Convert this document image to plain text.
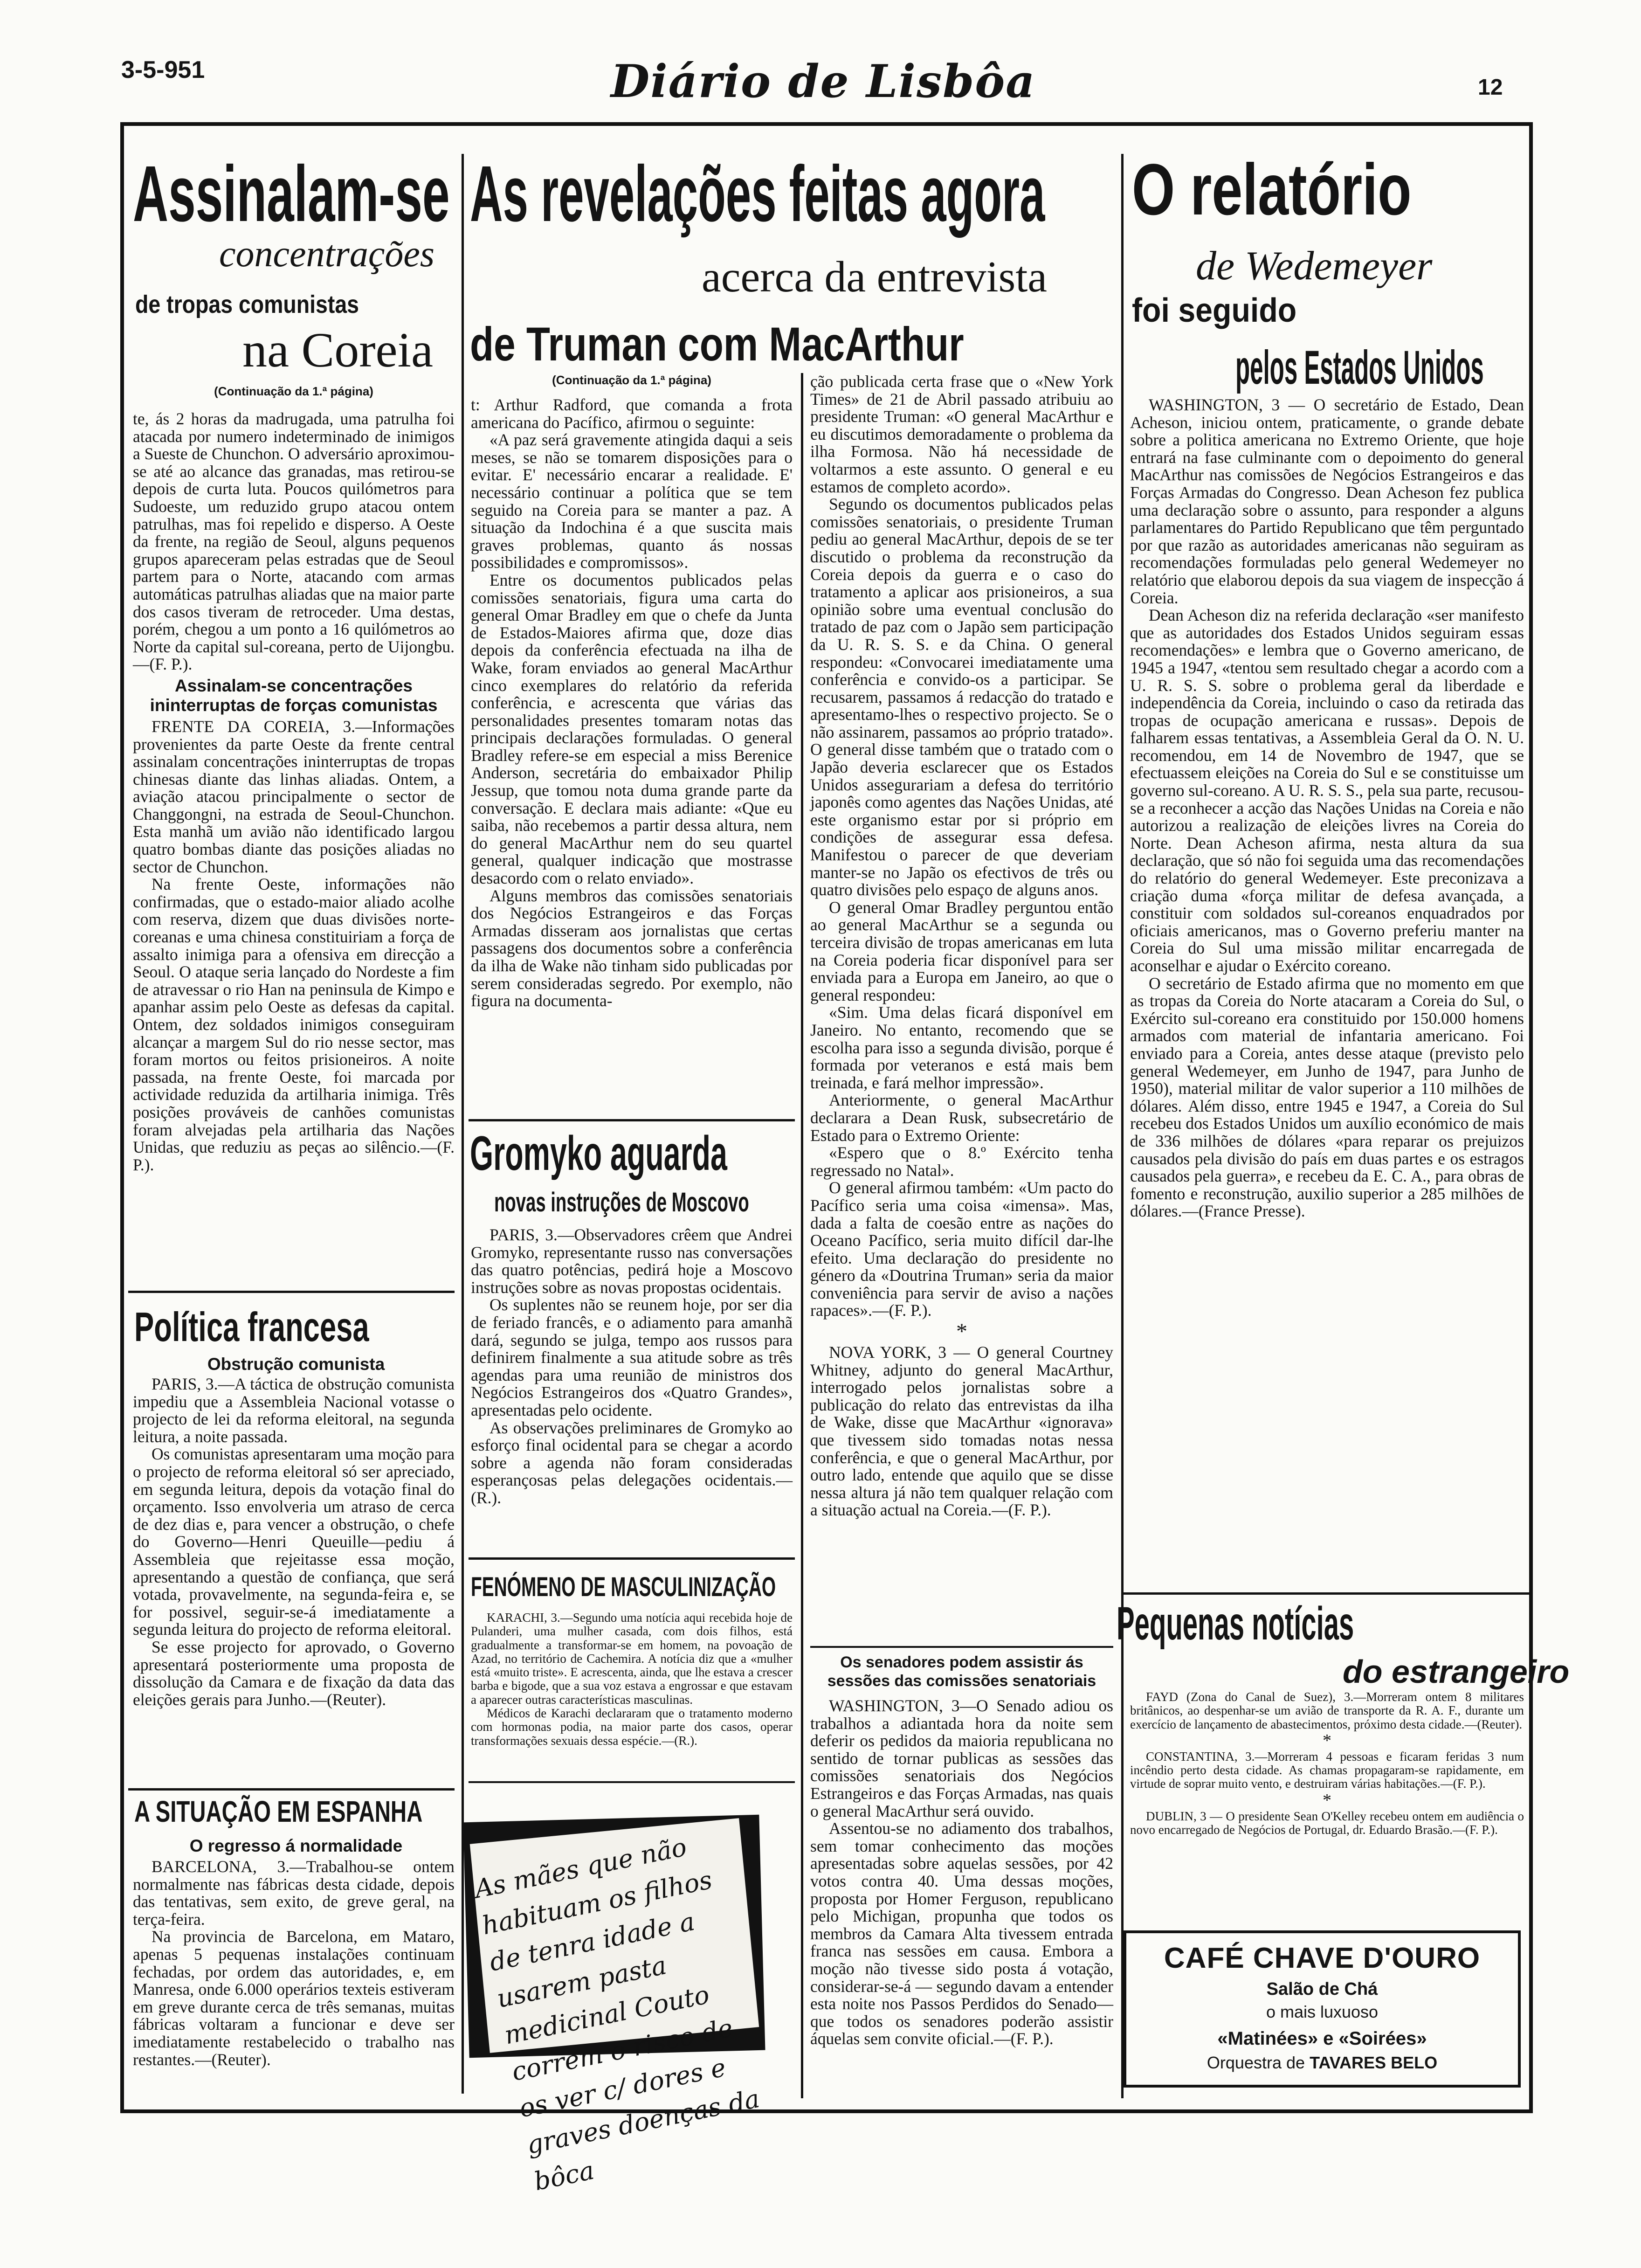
3-5-951	Diário de Lisbôa	12
Assinalam-se
concentrações
de tropas comunistas
na Coreia
(Continuação da 1.ª página)

te, ás 2 horas da madrugada, uma patrulha foi atacada por numero indeterminado de inimigos a Sueste de Chunchon. O adversário aproximou-se até ao alcance das granadas, mas retirou-se depois de curta luta. Poucos quilómetros para Sudoeste, um reduzido grupo atacou ontem patrulhas, mas foi repelido e disperso. A Oeste da frente, na região de Seoul, alguns pequenos grupos apareceram pelas estradas que de Seoul partem para o Norte, atacando com armas automáticas patrulhas aliadas que na maior parte dos casos tiveram de retroceder. Uma destas, porém, chegou a um ponto a 16 quilómetros ao Norte da capital sul-coreana, perto de Uijongbu.—(F. P.).

Assinalam-se concentrações ininterruptas de forças comunistas

FRENTE DA COREIA, 3.—Informações provenientes da parte Oeste da frente central assinalam concentrações ininterruptas de tropas chinesas diante das linhas aliadas. Ontem, a aviação atacou principalmente o sector de Changgongni, na estrada de Seoul-Chunchon. Esta manhã um avião não identificado largou quatro bombas diante das posições aliadas no sector de Chunchon.

Na frente Oeste, informações não confirmadas, que o estado-maior aliado acolhe com reserva, dizem que duas divisões norte-coreanas e uma chinesa constituiriam a força de assalto inimiga para a ofensiva em direcção a Seoul. O ataque seria lançado do Nordeste a fim de atravessar o rio Han na peninsula de Kimpo e apanhar assim pelo Oeste as defesas da capital. Ontem, dez soldados inimigos conseguiram alcançar a margem Sul do rio nesse sector, mas foram mortos ou feitos prisioneiros. A noite passada, na frente Oeste, foi marcada por actividade reduzida da artilharia inimiga. Três posições prováveis de canhões comunistas foram alvejadas pela artilharia das Nações Unidas, que reduziu as peças ao silêncio.—(F. P.).

Política francesa
Obstrução comunista

PARIS, 3.—A táctica de obstrução comunista impediu que a Assembleia Nacional votasse o projecto de lei da reforma eleitoral, na segunda leitura, a noite passada.

Os comunistas apresentaram uma moção para o projecto de reforma eleitoral só ser apreciado, em segunda leitura, depois da votação final do orçamento. Isso envolveria um atraso de cerca de dez dias e, para vencer a obstrução, o chefe do Governo—Henri Queuille—pediu á Assembleia que rejeitasse essa moção, apresentando a questão de confiança, que será votada, provavelmente, na segunda-feira e, se for possivel, seguir-se-á imediatamente a segunda leitura do projecto de reforma eleitoral.

Se esse projecto for aprovado, o Governo apresentará posteriormente uma proposta de dissolução da Camara e de fixação da data das eleições gerais para Junho.—(Reuter).

A SITUAÇÃO EM ESPANHA
O regresso á normalidade

BARCELONA, 3.—Trabalhou-se ontem normalmente nas fábricas desta cidade, depois das tentativas, sem exito, de greve geral, na terça-feira.

Na provincia de Barcelona, em Mataro, apenas 5 pequenas instalações continuam fechadas, por ordem das autoridades, e, em Manresa, onde 6.000 operários texteis estiveram em greve durante cerca de três semanas, muitas fábricas voltaram a funcionar e deve ser imediatamente restabelecido o trabalho nas restantes.—(Reuter).

As revelações feitas agora
acerca da entrevista
de Truman com MacArthur
(Continuação da 1.ª página)

t: Arthur Radford, que comanda a frota americana do Pacífico, afirmou o seguinte:

«A paz será gravemente atingida daqui a seis meses, se não se tomarem disposições para o evitar. E' necessário encarar a realidade. E' necessário continuar a política que se tem seguido na Coreia para se manter a paz. A situação da Indochina é a que suscita mais graves problemas, quanto ás nossas possibilidades e compromissos».

Entre os documentos publicados pelas comissões senatoriais, figura uma carta do general Omar Bradley em que o chefe da Junta de Estados-Maiores afirma que, doze dias depois da conferência efectuada na ilha de Wake, foram enviados ao general MacArthur cinco exemplares do relatório da referida conferência, e acrescenta que várias das personalidades presentes tomaram notas das principais declarações formuladas. O general Bradley refere-se em especial a miss Berenice Anderson, secretária do embaixador Philip Jessup, que tomou nota duma grande parte da conversação. E declara mais adiante: «Que eu saiba, não recebemos a partir dessa altura, nem do general MacArthur nem do seu quartel general, qualquer indicação que mostrasse desacordo com o relato enviado».

Alguns membros das comissões senatoriais dos Negócios Estrangeiros e das Forças Armadas disseram aos jornalistas que certas passagens dos documentos sobre a conferência da ilha de Wake não tinham sido publicadas por serem consideradas segredo. Por exemplo, não figura na documenta-

ção publicada certa frase que o «New York Times» de 21 de Abril passado atribuiu ao presidente Truman: «O general MacArthur e eu discutimos demoradamente o problema da ilha Formosa. Não há necessidade de voltarmos a este assunto. O general e eu estamos de completo acordo».

Segundo os documentos publicados pelas comissões senatoriais, o presidente Truman pediu ao general MacArthur, depois de se ter discutido o problema da reconstrução da Coreia depois da guerra e o caso do tratamento a aplicar aos prisioneiros, a sua opinião sobre uma eventual conclusão do tratado de paz com o Japão sem participação da U. R. S. S. e da China. O general respondeu: «Convocarei imediatamente uma conferência e convido-os a participar. Se recusarem, passamos á redacção do tratado e apresentamo-lhes o respectivo projecto. Se o não assinarem, passamos ao próprio tratado». O general disse também que o tratado com o Japão deveria esclarecer que os Estados Unidos assegurariam a defesa do território japonês como agentes das Nações Unidas, até este organismo estar por si próprio em condições de assegurar essa defesa. Manifestou o parecer de que deveriam manter-se no Japão os efectivos de três ou quatro divisões pelo espaço de alguns anos.

O general Omar Bradley perguntou então ao general MacArthur se a segunda ou terceira divisão de tropas americanas em luta na Coreia poderia ficar disponível para ser enviada para a Europa em Janeiro, ao que o general respondeu:

«Sim. Uma delas ficará disponível em Janeiro. No entanto, recomendo que se escolha para isso a segunda divisão, porque é formada por veteranos e está mais bem treinada, e fará melhor impressão».

Anteriormente, o general MacArthur declarara a Dean Rusk, subsecretário de Estado para o Extremo Oriente:

«Espero que o 8.º Exército tenha regressado no Natal».

O general afirmou também: «Um pacto do Pacífico seria uma coisa «imensa». Mas, dada a falta de coesão entre as nações do Oceano Pacífico, seria muito difícil dar-lhe efeito. Uma declaração do presidente no género da «Doutrina Truman» seria da maior conveniência para servir de aviso a nações rapaces».—(F. P.).

*

NOVA YORK, 3 — O general Courtney Whitney, adjunto do general MacArthur, interrogado pelos jornalistas sobre a publicação do relato das entrevistas da ilha de Wake, disse que MacArthur «ignorava» que tivessem sido tomadas notas nessa conferência, e que o general MacArthur, por outro lado, entende que aquilo que se disse nessa altura já não tem qualquer relação com a situação actual na Coreia.—(F. P.).

Os senadores podem assistir ás sessões das comissões senatoriais

WASHINGTON, 3—O Senado adiou os trabalhos a adiantada hora da noite sem deferir os pedidos da maioria republicana no sentido de tornar publicas as sessões das comissões senatoriais dos Negócios Estrangeiros e das Forças Armadas, nas quais o general MacArthur será ouvido.

Assentou-se no adiamento dos trabalhos, sem tomar conhecimento das moções apresentadas sobre aquelas sessões, por 42 votos contra 40. Uma dessas moções, proposta por Homer Ferguson, republicano pelo Michigan, propunha que todos os membros da Camara Alta tivessem entrada franca nas sessões em causa. Embora a moção não tivesse sido posta á votação, considerar-se-á — segundo davam a entender esta noite nos Passos Perdidos do Senado—que todos os senadores poderão assistir áquelas sem convite oficial.—(F. P.).

Gromyko aguarda
novas instruções de Moscovo

PARIS, 3.—Observadores crêem que Andrei Gromyko, representante russo nas conversações das quatro potências, pedirá hoje a Moscovo instruções sobre as novas propostas ocidentais.

Os suplentes não se reunem hoje, por ser dia de feriado francês, e o adiamento para amanhã dará, segundo se julga, tempo aos russos para definirem finalmente a sua atitude sobre as três agendas para uma reunião de ministros dos Negócios Estrangeiros dos «Quatro Grandes», apresentadas pelo ocidente.

As observações preliminares de Gromyko ao esforço final ocidental para se chegar a acordo sobre a agenda não foram consideradas esperançosas pelas delegações ocidentais.—(R.).

FENÓMENO DE MASCULINIZAÇÃO

KARACHI, 3.—Segundo uma notícia aqui recebida hoje de Pulanderi, uma mulher casada, com dois filhos, está gradualmente a transformar-se em homem, na povoação de Azad, no território de Cachemira. A notícia diz que a «mulher está «muito triste». E acrescenta, ainda, que lhe estava a crescer barba e bigode, que a sua voz estava a engrossar e que estavam a aparecer outras características masculinas.

Médicos de Karachi declararam que o tratamento moderno com hormonas podia, na maior parte dos casos, operar transformações sexuais dessa espécie.—(R.).

As mães que não habituam os filhos de tenra idade a usarem pasta medicinal Couto correm o risco de os ver c/ dores e graves doenças da bôca
O relatório
de Wedemeyer
foi seguido
pelos Estados Unidos

WASHINGTON, 3 — O secretário de Estado, Dean Acheson, iniciou ontem, praticamente, o grande debate sobre a politica americana no Extremo Oriente, que hoje entrará na fase culminante com o depoimento do general MacArthur nas comissões de Negócios Estrangeiros e das Forças Armadas do Congresso. Dean Acheson fez publica uma declaração sobre o assunto, para responder a alguns parlamentares do Partido Republicano que têm perguntado por que razão as autoridades americanas não seguiram as recomendações formuladas pelo general Wedemeyer no relatório que elaborou depois da sua viagem de inspecção á Coreia.

Dean Acheson diz na referida declaração «ser manifesto que as autoridades dos Estados Unidos seguiram essas recomendações» e lembra que o Governo americano, de 1945 a 1947, «tentou sem resultado chegar a acordo com a U. R. S. S. sobre o problema geral da liberdade e independência da Coreia, incluindo o caso da retirada das tropas de ocupação americana e russas». Depois de falharem essas tentativas, a Assembleia Geral da O. N. U. recomendou, em 14 de Novembro de 1947, que se efectuassem eleições na Coreia do Sul e se constituisse um governo sul-coreano. A U. R. S. S., pela sua parte, recusou-se a reconhecer a acção das Nações Unidas na Coreia e não autorizou a realização de eleições livres na Coreia do Norte. Dean Acheson afirma, nesta altura da sua declaração, que só não foi seguida uma das recomendações do relatório do general Wedemeyer. Este preconizava a criação duma «força militar de defesa avançada, a constituir com soldados sul-coreanos enquadrados por oficiais americanos, mas o Governo preferiu manter na Coreia do Sul uma missão militar encarregada de aconselhar e ajudar o Exército coreano.

O secretário de Estado afirma que no momento em que as tropas da Coreia do Norte atacaram a Coreia do Sul, o Exército sul-coreano era constituido por 150.000 homens armados com material de infantaria americano. Foi enviado para a Coreia, antes desse ataque (previsto pelo general Wedemeyer, em Junho de 1947, para Junho de 1950), material militar de valor superior a 110 milhões de dólares. Além disso, entre 1945 e 1947, a Coreia do Sul recebeu dos Estados Unidos um auxílio económico de mais de 336 milhões de dólares «para reparar os prejuizos causados pela divisão do país em duas partes e os estragos causados pela guerra», e recebeu da E. C. A., para obras de fomento e reconstrução, auxilio superior a 285 milhões de dólares.—(France Presse).

Pequenas notícias
do estrangeiro

FAYD (Zona do Canal de Suez), 3.—Morreram ontem 8 militares britânicos, ao despenhar-se um avião de transporte da R. A. F., durante um exercício de lançamento de abastecimentos, próximo desta cidade.—(Reuter).

*

CONSTANTINA, 3.—Morreram 4 pessoas e ficaram feridas 3 num incêndio perto desta cidade. As chamas propagaram-se rapidamente, em virtude de soprar muito vento, e destruiram várias habitações.—(F. P.).

*

DUBLIN, 3 — O presidente Sean O'Kelley recebeu ontem em audiência o novo encarregado de Negócios de Portugal, dr. Eduardo Brasão.—(F. P.).

CAFÉ CHAVE D'OURO
Salão de Chá
o mais luxuoso
«Matinées» e «Soirées»
Orquestra de TAVARES BELO
